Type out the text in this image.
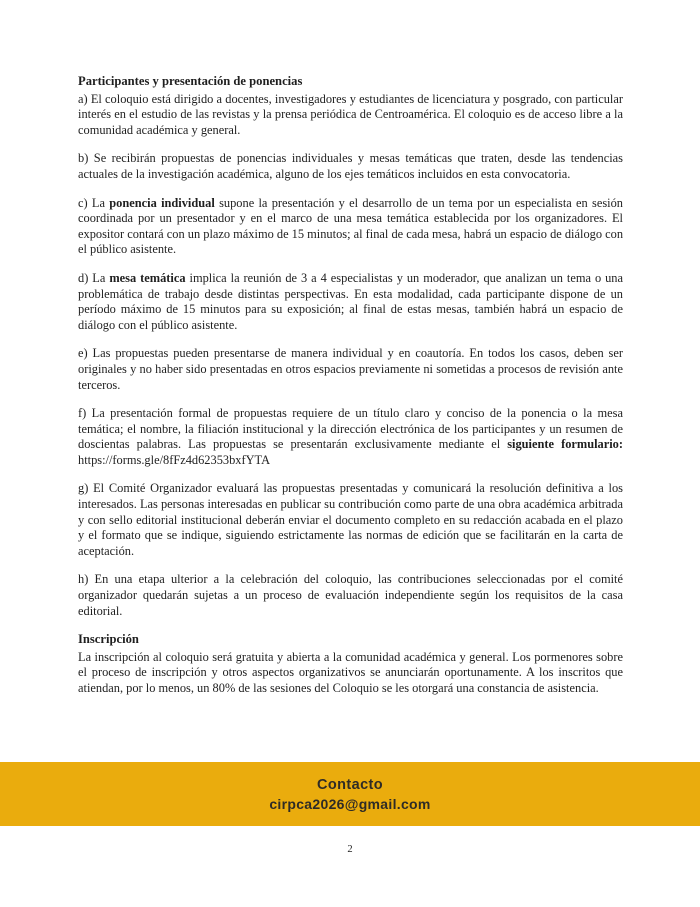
Participantes y presentación de ponencias

a) El coloquio está dirigido a docentes, investigadores y estudiantes de licenciatura y posgrado, con particular interés en el estudio de las revistas y la prensa periódica de Centroamérica. El coloquio es de acceso libre a la comunidad académica y general.

b) Se recibirán propuestas de ponencias individuales y mesas temáticas que traten, desde las tendencias actuales de la investigación académica, alguno de los ejes temáticos incluidos en esta convocatoria.

c) La ponencia individual supone la presentación y el desarrollo de un tema por un especialista en sesión coordinada por un presentador y en el marco de una mesa temática establecida por los organizadores. El expositor contará con un plazo máximo de 15 minutos; al final de cada mesa, habrá un espacio de diálogo con el público asistente.

d) La mesa temática implica la reunión de 3 a 4 especialistas y un moderador, que analizan un tema o una problemática de trabajo desde distintas perspectivas. En esta modalidad, cada participante dispone de un período máximo de 15 minutos para su exposición; al final de estas mesas, también habrá un espacio de diálogo con el público asistente.

e) Las propuestas pueden presentarse de manera individual y en coautoría. En todos los casos, deben ser originales y no haber sido presentadas en otros espacios previamente ni sometidas a procesos de revisión ante terceros.

f) La presentación formal de propuestas requiere de un título claro y conciso de la ponencia o la mesa temática; el nombre, la filiación institucional y la dirección electrónica de los participantes y un resumen de doscientas palabras. Las propuestas se presentarán exclusivamente mediante el siguiente formulario: https://forms.gle/8fFz4d62353bxfYTA

g) El Comité Organizador evaluará las propuestas presentadas y comunicará la resolución definitiva a los interesados. Las personas interesadas en publicar su contribución como parte de una obra académica arbitrada y con sello editorial institucional deberán enviar el documento completo en su redacción acabada en el plazo y el formato que se indique, siguiendo estrictamente las normas de edición que se facilitarán en la carta de aceptación.

h) En una etapa ulterior a la celebración del coloquio, las contribuciones seleccionadas por el comité organizador quedarán sujetas a un proceso de evaluación independiente según los requisitos de la casa editorial.

Inscripción

La inscripción al coloquio será gratuita y abierta a la comunidad académica y general. Los pormenores sobre el proceso de inscripción y otros aspectos organizativos se anunciarán oportunamente. A los inscritos que atiendan, por lo menos, un 80% de las sesiones del Coloquio se les otorgará una constancia de asistencia.

Contacto
cirpca2026@gmail.com
2
